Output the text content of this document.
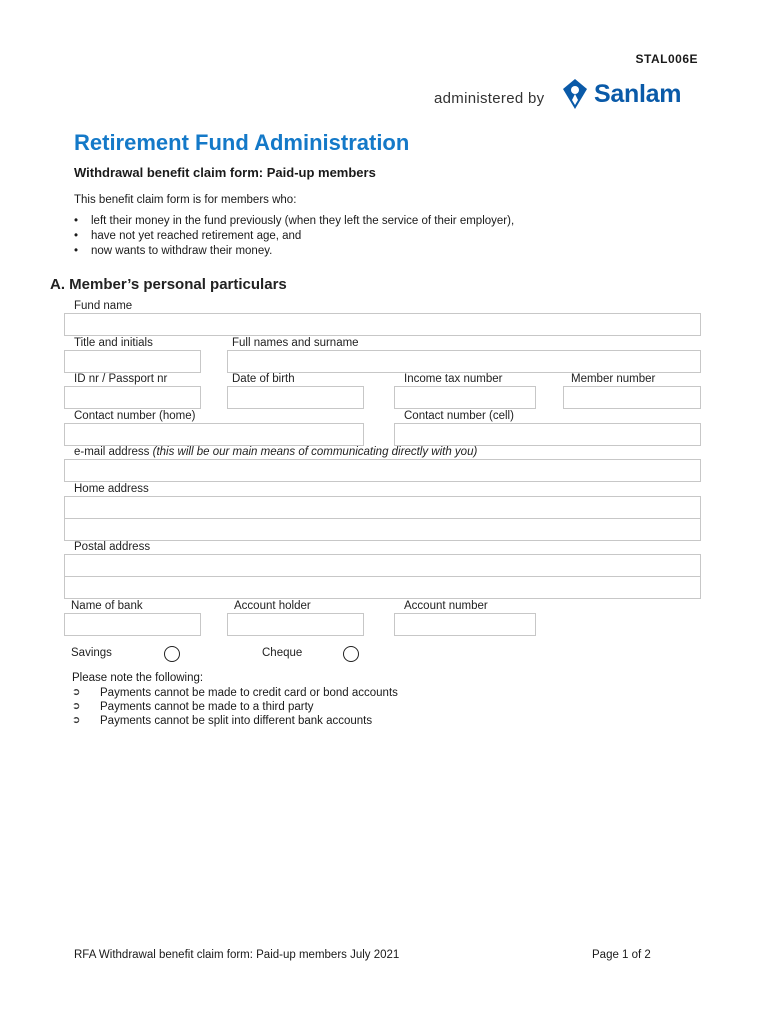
STAL006E
administered by Sanlam
Retirement Fund Administration
Withdrawal benefit claim form: Paid-up members
This benefit claim form is for members who:
• left their money in the fund previously (when they left the service of their employer),
• have not yet reached retirement age, and
• now wants to withdraw their money.
A. Member’s personal particulars
Fund name
Title and initials	Full names and surname
ID nr / Passport nr	Date of birth	Income tax number	Member number
Contact number (home)	Contact number (cell)
e-mail address (this will be our main means of communicating directly with you)
Home address
Postal address
Name of bank	Account holder	Account number
Savings	Cheque
Please note the following:
➲	Payments cannot be made to credit card or bond accounts
➲	Payments cannot be made to a third party
➲	Payments cannot be split into different bank accounts
RFA Withdrawal benefit claim form: Paid-up members July 2021	Page 1 of 2
